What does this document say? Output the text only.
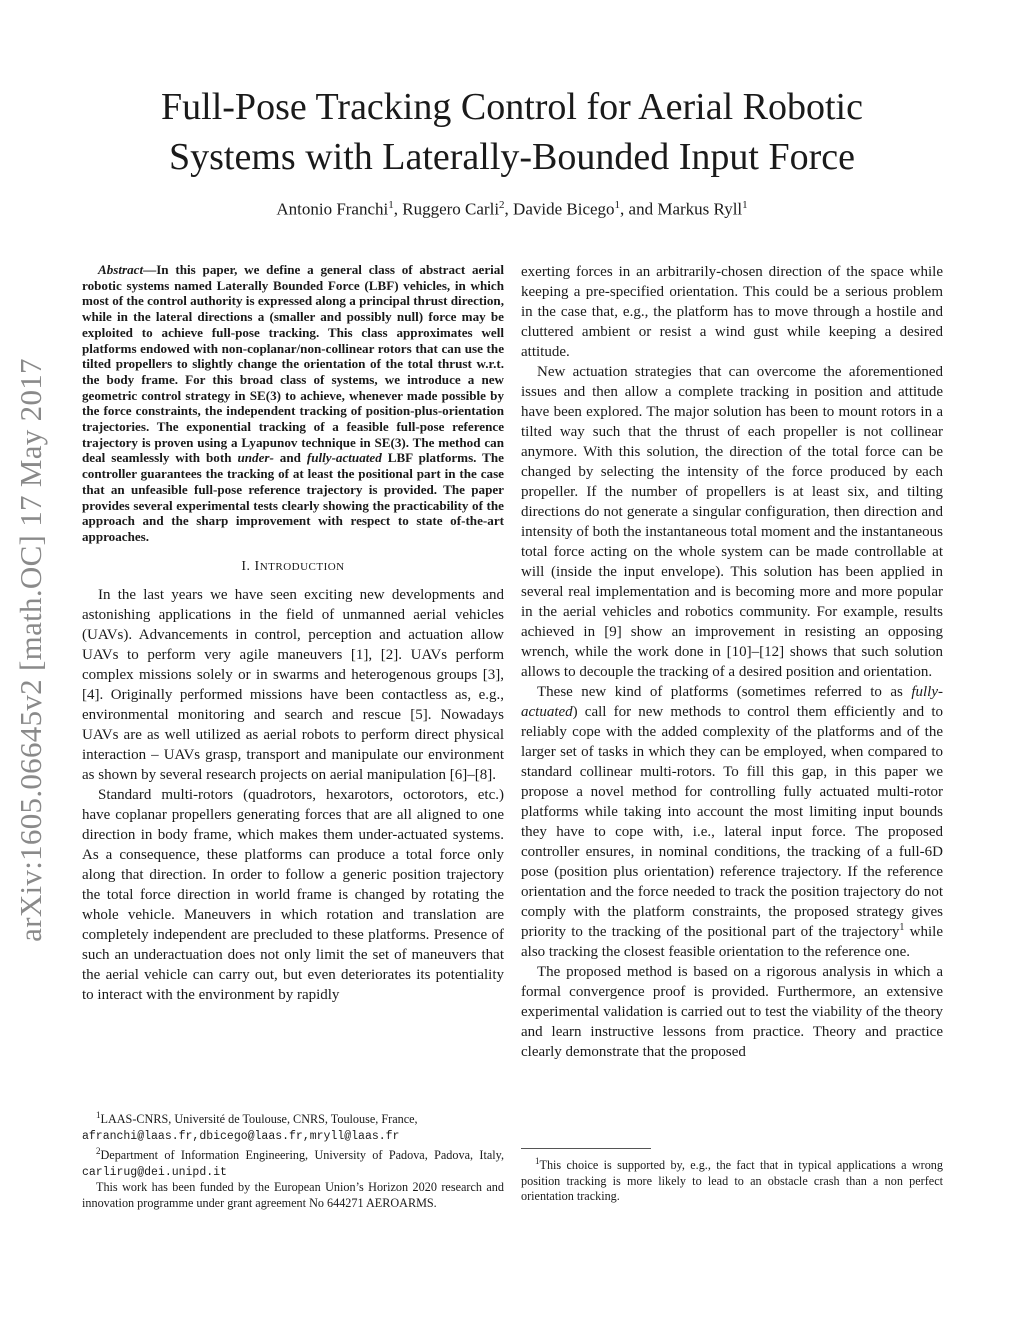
arXiv:1605.06645v2 [math.OC] 17 May 2017
Full-Pose Tracking Control for Aerial Robotic
Systems with Laterally-Bounded Input Force
Antonio Franchi$^1$, Ruggero Carli$^2$, Davide Bicego$^1$, and Markus Ryll$^1$

Abstract—In this paper, we define a general class of abstract aerial robotic systems named Laterally Bounded Force (LBF) vehicles, in which most of the control authority is expressed along a principal thrust direction, while in the lateral directions a (smaller and possibly null) force may be exploited to achieve full-pose tracking. This class approximates well platforms endowed with non-coplanar/non-collinear rotors that can use the tilted propellers to slightly change the orientation of the total thrust w.r.t. the body frame. For this broad class of systems, we introduce a new geometric control strategy in SE(3) to achieve, whenever made possible by the force constraints, the independent tracking of position-plus-orientation trajectories. The exponential tracking of a feasible full-pose reference trajectory is proven using a Lyapunov technique in SE(3). The method can deal seamlessly with both under- and fully-actuated LBF platforms. The controller guarantees the tracking of at least the positional part in the case that an unfeasible full-pose reference trajectory is provided. The paper provides several experimental tests clearly showing the practicability of the approach and the sharp improvement with respect to state of-the-art approaches.

I. INTRODUCTION

In the last years we have seen exciting new developments and astonishing applications in the field of unmanned aerial vehicles (UAVs). Advancements in control, perception and actuation allow UAVs to perform very agile maneuvers [1], [2]. UAVs perform complex missions solely or in swarms and heterogenous groups [3], [4]. Originally performed missions have been contactless as, e.g., environmental monitoring and search and rescue [5]. Nowadays UAVs are as well utilized as aerial robots to perform direct physical interaction – UAVs grasp, transport and manipulate our environment as shown by several research projects on aerial manipulation [6]–[8].

Standard multi-rotors (quadrotors, hexarotors, octorotors, etc.) have coplanar propellers generating forces that are all aligned to one direction in body frame, which makes them under-actuated systems. As a consequence, these platforms can produce a total force only along that direction. In order to follow a generic position trajectory the total force direction in world frame is changed by rotating the whole vehicle. Maneuvers in which rotation and translation are completely independent are precluded to these platforms. Presence of such an underactuation does not only limit the set of maneuvers that the aerial vehicle can carry out, but even deteriorates its potentiality to interact with the environment by rapidly

exerting forces in an arbitrarily-chosen direction of the space while keeping a pre-specified orientation. This could be a serious problem in the case that, e.g., the platform has to move through a hostile and cluttered ambient or resist a wind gust while keeping a desired attitude.

New actuation strategies that can overcome the aforementioned issues and then allow a complete tracking in position and attitude have been explored. The major solution has been to mount rotors in a tilted way such that the thrust of each propeller is not collinear anymore. With this solution, the direction of the total force can be changed by selecting the intensity of the force produced by each propeller. If the number of propellers is at least six, and tilting directions do not generate a singular configuration, then direction and intensity of both the instantaneous total moment and the instantaneous total force acting on the whole system can be made controllable at will (inside the input envelope). This solution has been applied in several real implementation and is becoming more and more popular in the aerial vehicles and robotics community. For example, results achieved in [9] show an improvement in resisting an opposing wrench, while the work done in [10]–[12] shows that such solution allows to decouple the tracking of a desired position and orientation.

These new kind of platforms (sometimes referred to as fully-actuated) call for new methods to control them efficiently and to reliably cope with the added complexity of the platforms and of the larger set of tasks in which they can be employed, when compared to standard collinear multi-rotors. To fill this gap, in this paper we propose a novel method for controlling fully actuated multi-rotor platforms while taking into account the most limiting input bounds they have to cope with, i.e., lateral input force. The proposed controller ensures, in nominal conditions, the tracking of a full-6D pose (position plus orientation) reference trajectory. If the reference orientation and the force needed to track the position trajectory do not comply with the platform constraints, the proposed strategy gives priority to the tracking of the positional part of the trajectory$^1$ while also tracking the closest feasible orientation to the reference one.

The proposed method is based on a rigorous analysis in which a formal convergence proof is provided. Furthermore, an extensive experimental validation is carried out to test the viability of the theory and learn instructive lessons from practice. Theory and practice clearly demonstrate that the proposed

$^1$LAAS-CNRS, Université de Toulouse, CNRS, Toulouse, France,
afranchi@laas.fr,dbicego@laas.fr,mryll@laas.fr

$^2$Department of Information Engineering, University of Padova, Padova, Italy, carlirug@dei.unipd.it

This work has been funded by the European Union’s Horizon 2020 research and innovation programme under grant agreement No 644271 AEROARMS.

$^1$This choice is supported by, e.g., the fact that in typical applications a wrong position tracking is more likely to lead to an obstacle crash than a non perfect orientation tracking.
